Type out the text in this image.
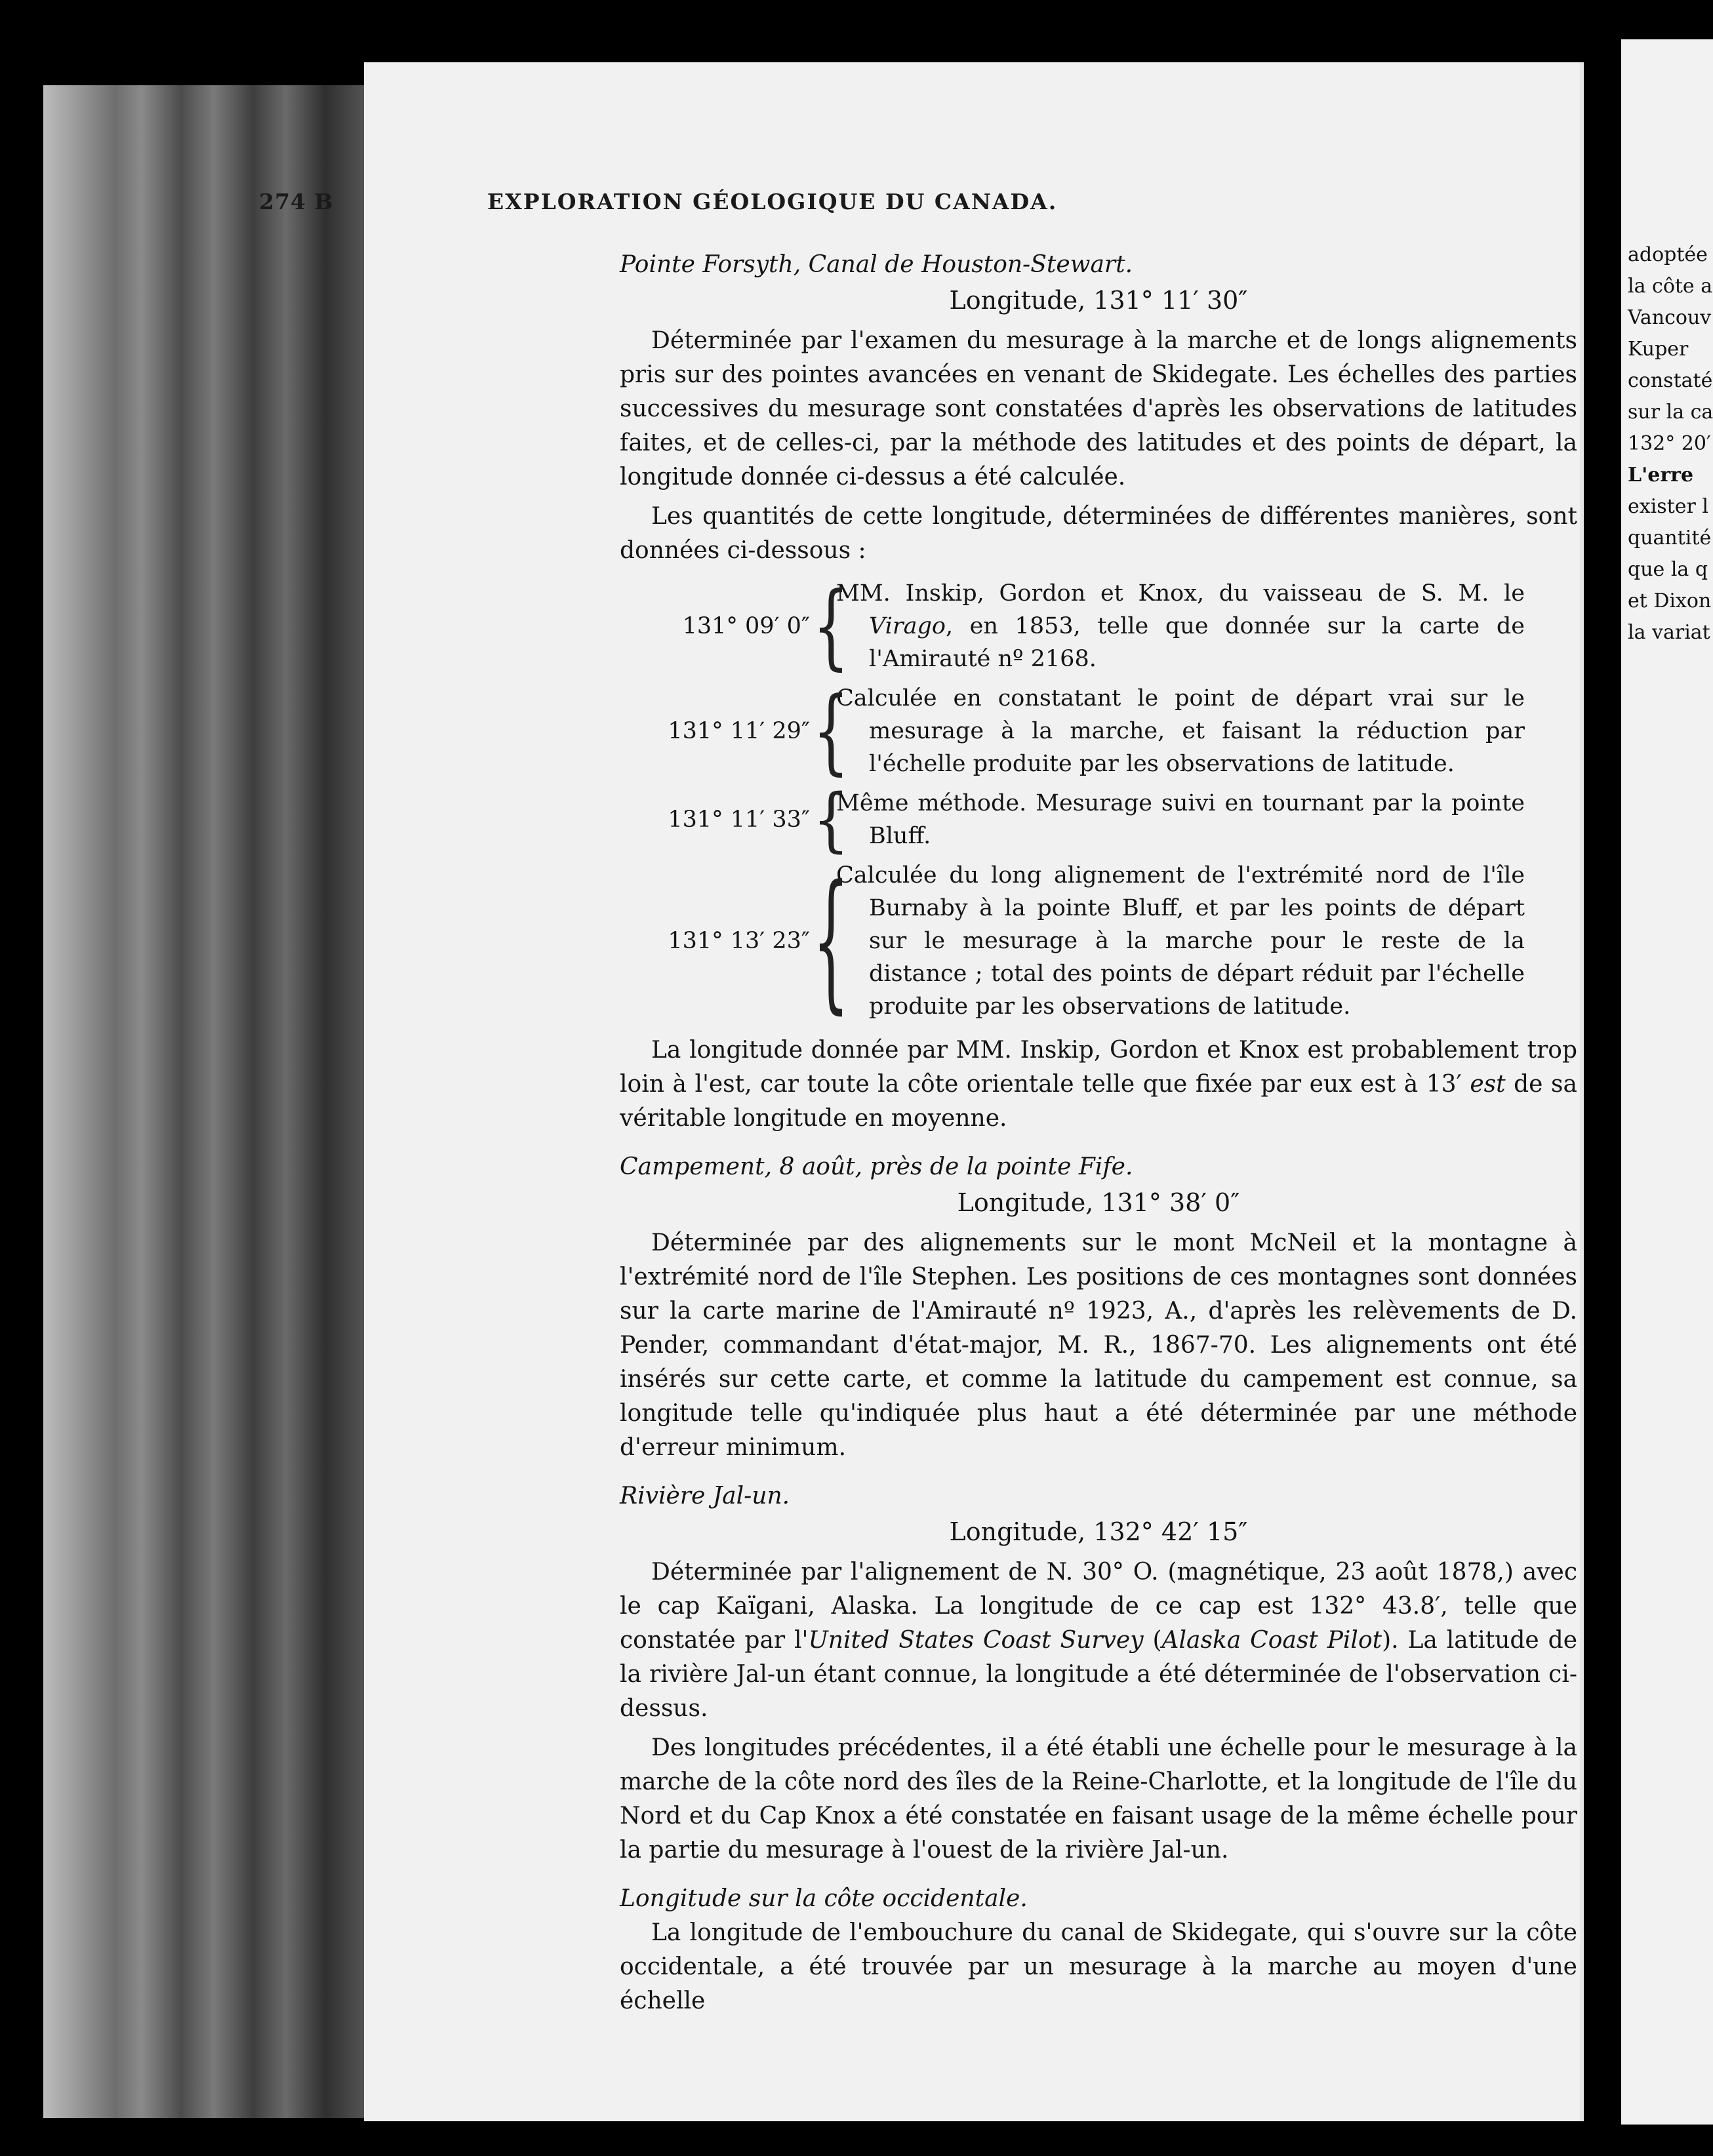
274 B	EXPLORATION GÉOLOGIQUE DU CANADA.
Pointe Forsyth, Canal de Houston-Stewart.
Longitude, 131° 11′ 30″

Déterminée par l'examen du mesurage à la marche et de longs alignements pris sur des pointes avancées en venant de Skidegate. Les échelles des parties successives du mesurage sont constatées d'après les observations de latitudes faites, et de celles-ci, par la méthode des latitudes et des points de départ, la longitude donnée ci-dessus a été calculée.

Les quantités de cette longitude, déterminées de différentes manières, sont données ci-dessous :

131° 09′ 0″ {
MM. Inskip, Gordon et Knox, du vaisseau de S. M. le Virago, en 1853, telle que donnée sur la carte de l'Amirauté nº 2168.
131° 11′ 29″ {
Calculée en constatant le point de départ vrai sur le mesurage à la marche, et faisant la réduction par l'échelle produite par les observations de latitude.
131° 11′ 33″ {
Même méthode. Mesurage suivi en tournant par la pointe Bluff.
131° 13′ 23″ {
Calculée du long alignement de l'extrémité nord de l'île Burnaby à la pointe Bluff, et par les points de départ sur le mesurage à la marche pour le reste de la distance ; total des points de départ réduit par l'échelle produite par les observations de latitude.

La longitude donnée par MM. Inskip, Gordon et Knox est probablement trop loin à l'est, car toute la côte orientale telle que fixée par eux est à 13′ est de sa véritable longitude en moyenne.

Campement, 8 août, près de la pointe Fife.
Longitude, 131° 38′ 0″

Déterminée par des alignements sur le mont McNeil et la montagne à l'extrémité nord de l'île Stephen. Les positions de ces montagnes sont données sur la carte marine de l'Amirauté nº 1923, A., d'après les relèvements de D. Pender, commandant d'état-major, M. R., 1867-70. Les alignements ont été insérés sur cette carte, et comme la latitude du campement est connue, sa longitude telle qu'indiquée plus haut a été déterminée par une méthode d'erreur minimum.

Rivière Jal-un.
Longitude, 132° 42′ 15″

Déterminée par l'alignement de N. 30° O. (magnétique, 23 août 1878,) avec le cap Kaïgani, Alaska. La longitude de ce cap est 132° 43.8′, telle que constatée par l'United States Coast Survey (Alaska Coast Pilot). La latitude de la rivière Jal-un étant connue, la longitude a été déterminée de l'observation ci-dessus.

Des longitudes précédentes, il a été établi une échelle pour le mesurage à la marche de la côte nord des îles de la Reine-Charlotte, et la longitude de l'île du Nord et du Cap Knox a été constatée en faisant usage de la même échelle pour la partie du mesurage à l'ouest de la rivière Jal-un.

Longitude sur la côte occidentale.

La longitude de l'embouchure du canal de Skidegate, qui s'ouvre sur la côte occidentale, a été trouvée par un mesurage à la marche au moyen d'une échelle

adoptée
la côte a
Vancouv
Kuper
constaté
sur la ca
132° 20′
L'erre
exister l
quantité
que la q
et Dixon
la variat
